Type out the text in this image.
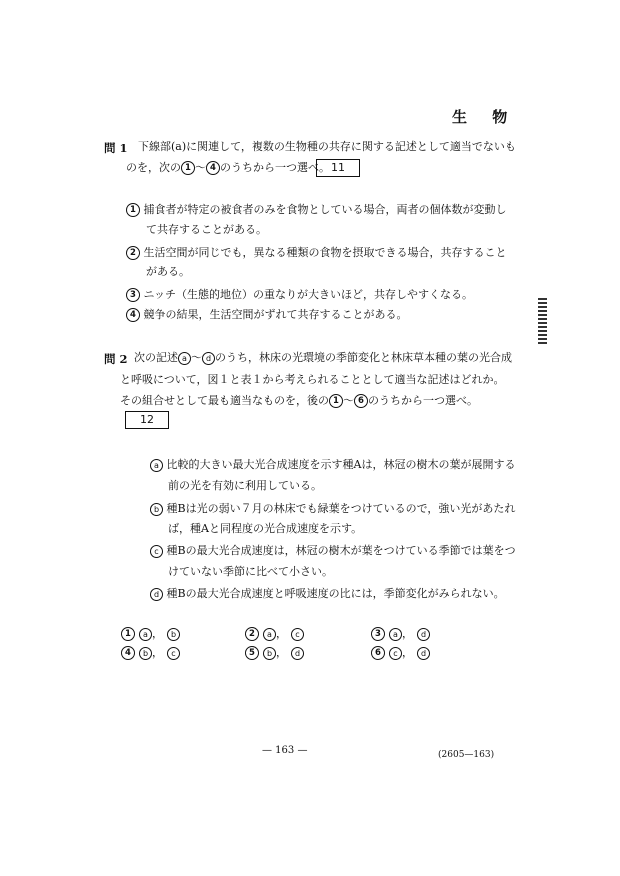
生 物
問 1 下線部(a)に関連して，複数の生物種の共存に関する記述として適当でないも
のを，次の 1 〜 4 のうちから一つ選べ。 11
1 捕食者が特定の被食者のみを食物としている場合，両者の個体数が変動し
て共存することがある。
2 生活空間が同じでも，異なる種類の食物を摂取できる場合，共存すること
がある。
3 ニッチ（生態的地位）の重なりが大きいほど，共存しやすくなる。
4 競争の結果，生活空間がずれて共存することがある。
問 2 次の記述 a 〜 d のうち，林床の光環境の季節変化と林床草本種の葉の光合成
と呼吸について，図１と表１から考えられることとして適当な記述はどれか。
その組合せとして最も適当なものを，後の 1 〜 6 のうちから一つ選べ。
12
a 比較的大きい最大光合成速度を示す種Aは，林冠の樹木の葉が展開する
前の光を有効に利用している。
b 種Bは光の弱い７月の林床でも緑葉をつけているので，強い光があたれ
ば，種Aと同程度の光合成速度を示す。
c 種Bの最大光合成速度は，林冠の樹木が葉をつけている季節では葉をつ
けていない季節に比べて小さい。
d 種Bの最大光合成速度と呼吸速度の比には，季節変化がみられない。
1 a ， b	2 a ， c	3 a ， d
4 b ， c	5 b ， d	6 c ， d
— 163 —	(2605—163)
